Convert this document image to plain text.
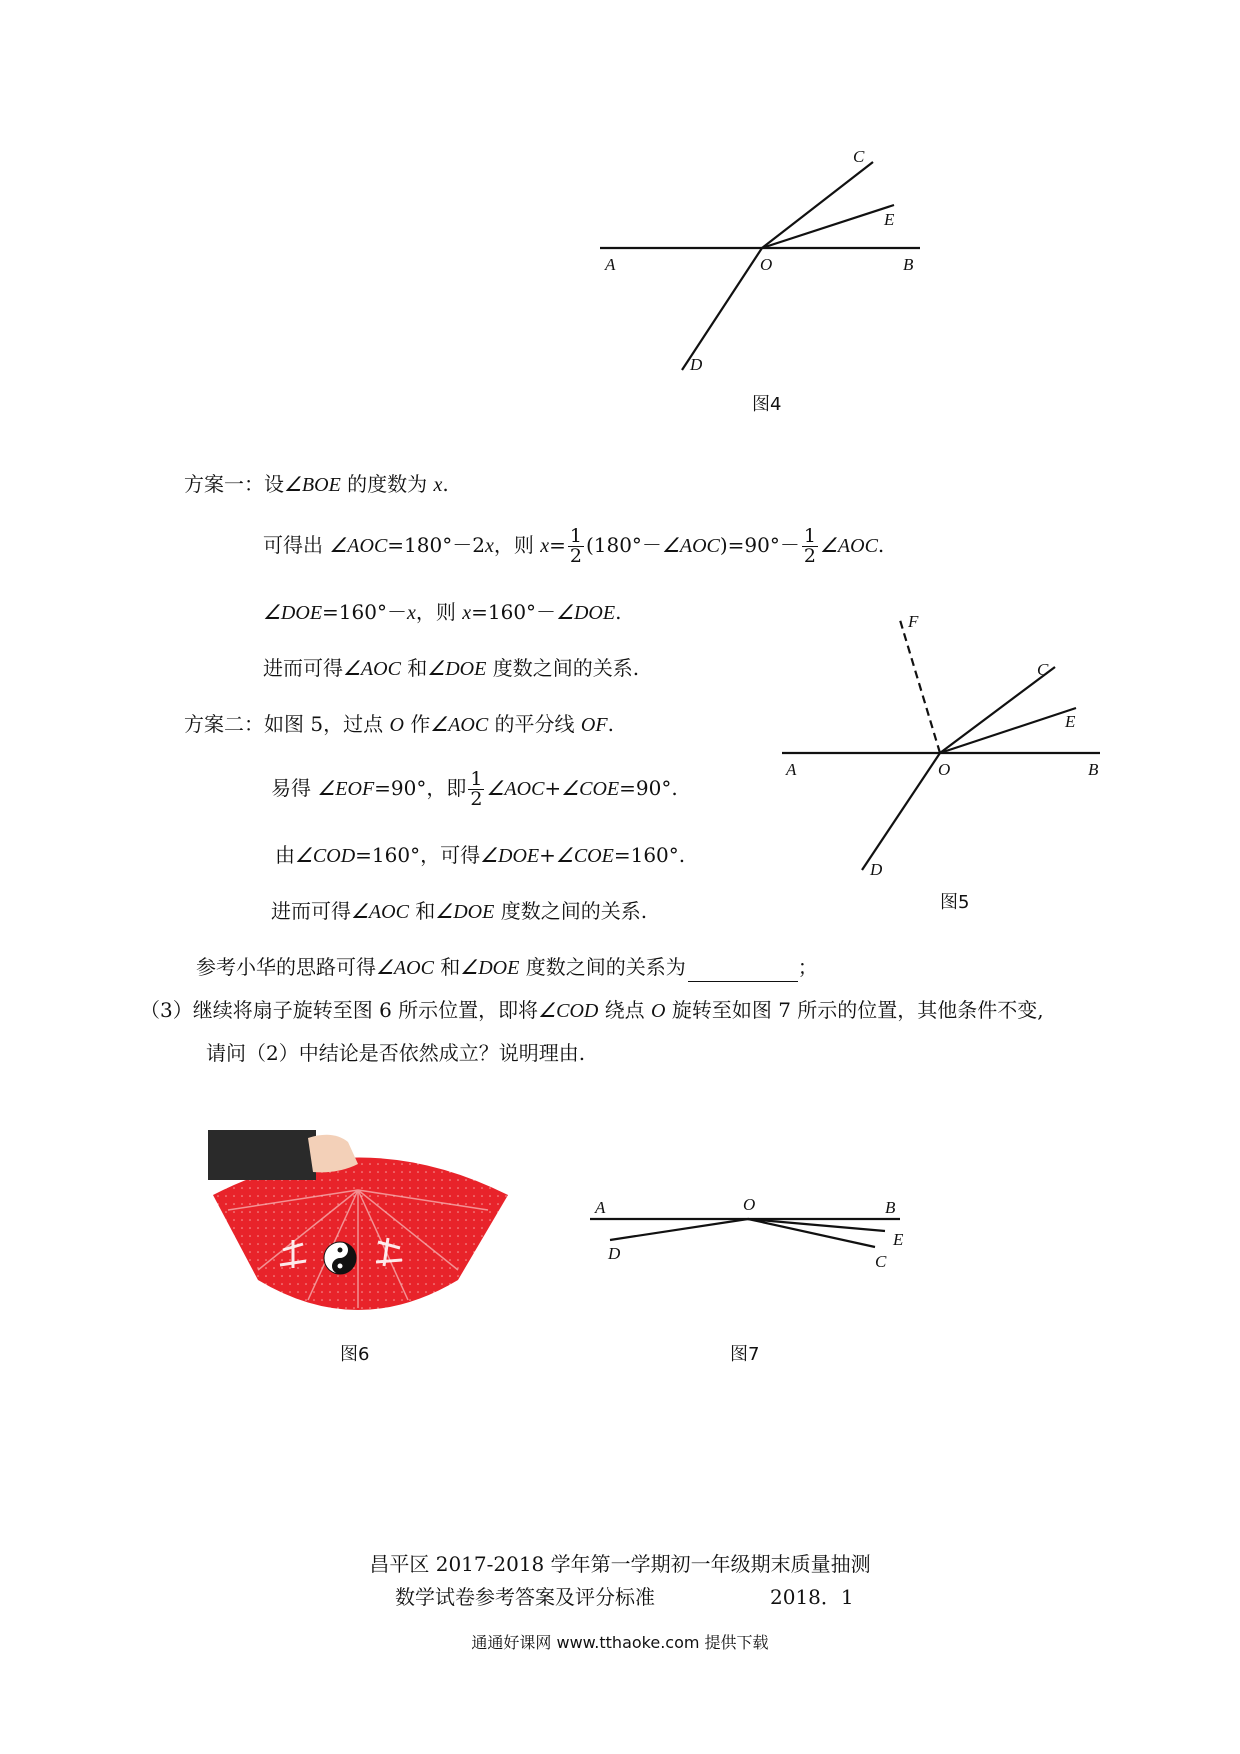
C
E
A	O	B
D
图4
方案一：设∠BOE 的度数为 x.
可得出 ∠AOC=180°－2x，则 $x= \frac{1}{2}$ (180°－∠AOC)=90°－ $\frac{1}{2}$ ∠AOC.
∠DOE=160°－x，则 x=160°－∠DOE.
进而可得∠AOC 和∠DOE 度数之间的关系.
方案二：如图 5，过点 O 作∠AOC 的平分线 OF.
易得 ∠EOF=90°，即 $\frac{1}{2}$ ∠AOC+∠COE=90°.
由∠COD=160°，可得∠DOE+∠COE=160°.
进而可得∠AOC 和∠DOE 度数之间的关系.
F
C
E
A	O	B
D
图5
参考小华的思路可得∠AOC 和∠DOE 度数之间的关系为	；
（3）继续将扇子旋转至图 6 所示位置，即将∠COD 绕点 O 旋转至如图 7 所示的位置，其他条件不变,
请问（2）中结论是否依然成立？说明理由.
图6
A	O	B
D
E
C
图7
昌平区 2017-2018 学年第一学期初一年级期末质量抽测
数学试卷参考答案及评分标准	2018．1
通通好课网 www.tthaoke.com 提供下载
